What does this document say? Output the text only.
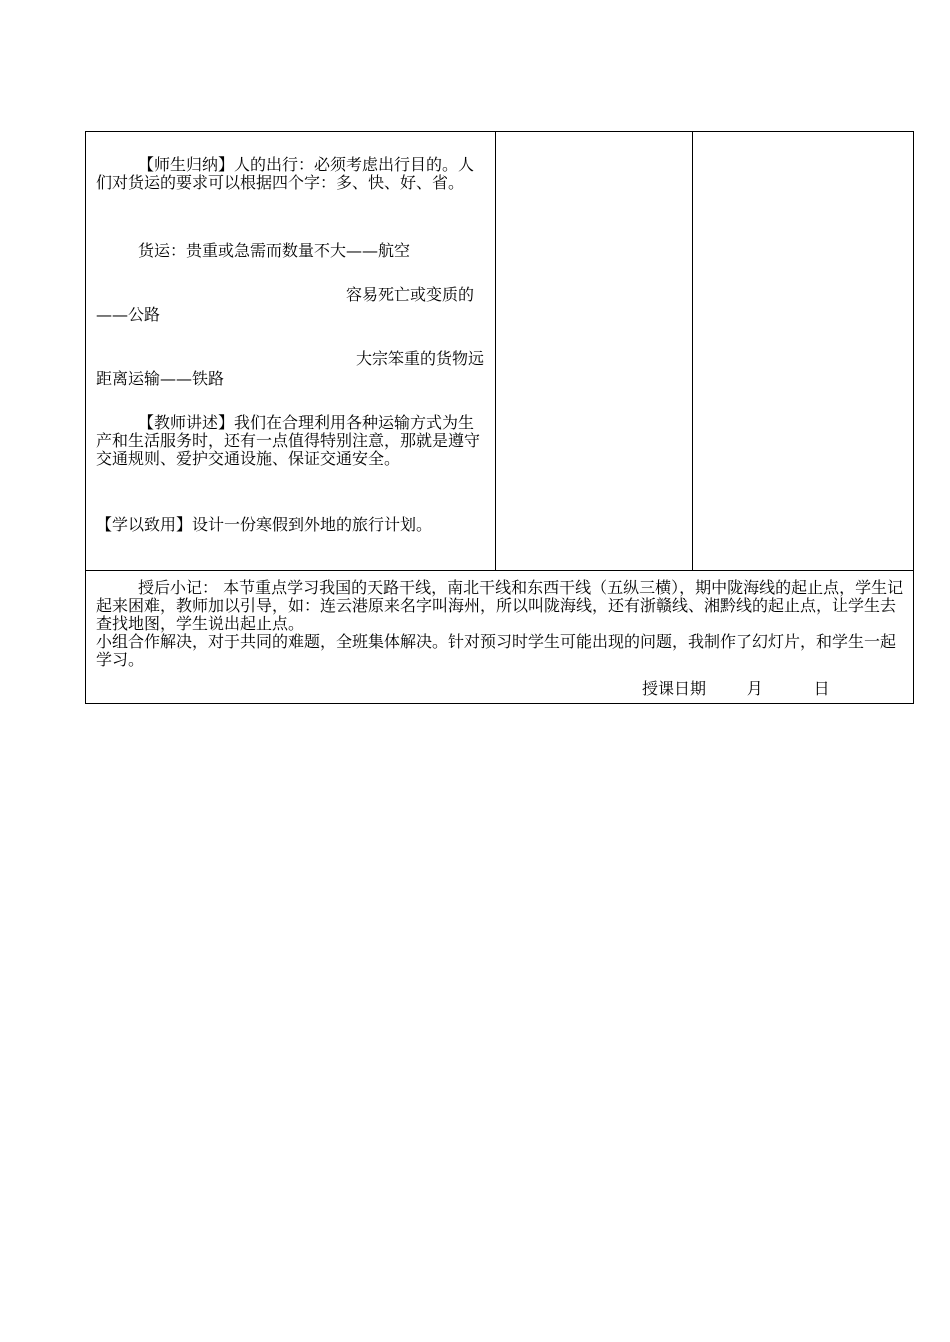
【师生归纳】人的出行：必须考虑出行目的。人们对货运的要求可以根据四个字：多、快、好、省。

货运：贵重或急需而数量不大——航空

容易死亡或变质的

——公路

大宗笨重的货物远

距离运输——铁路

【教师讲述】我们在合理利用各种运输方式为生产和生活服务时，还有一点值得特别注意，那就是遵守交通规则、爱护交通设施、保证交通安全。

【学以致用】设计一份寒假到外地的旅行计划。

授后小记： 本节重点学习我国的天路干线，南北干线和东西干线（五纵三横），期中陇海线的起止点，学生记起来困难，教师加以引导，如：连云港原来名字叫海州，所以叫陇海线，还有浙赣线、湘黔线的起止点，让学生去查找地图，学生说出起止点。
小组合作解决，对于共同的难题，全班集体解决。针对预习时学生可能出现的问题，我制作了幻灯片，和学生一起学习。

授课日期	月	日
